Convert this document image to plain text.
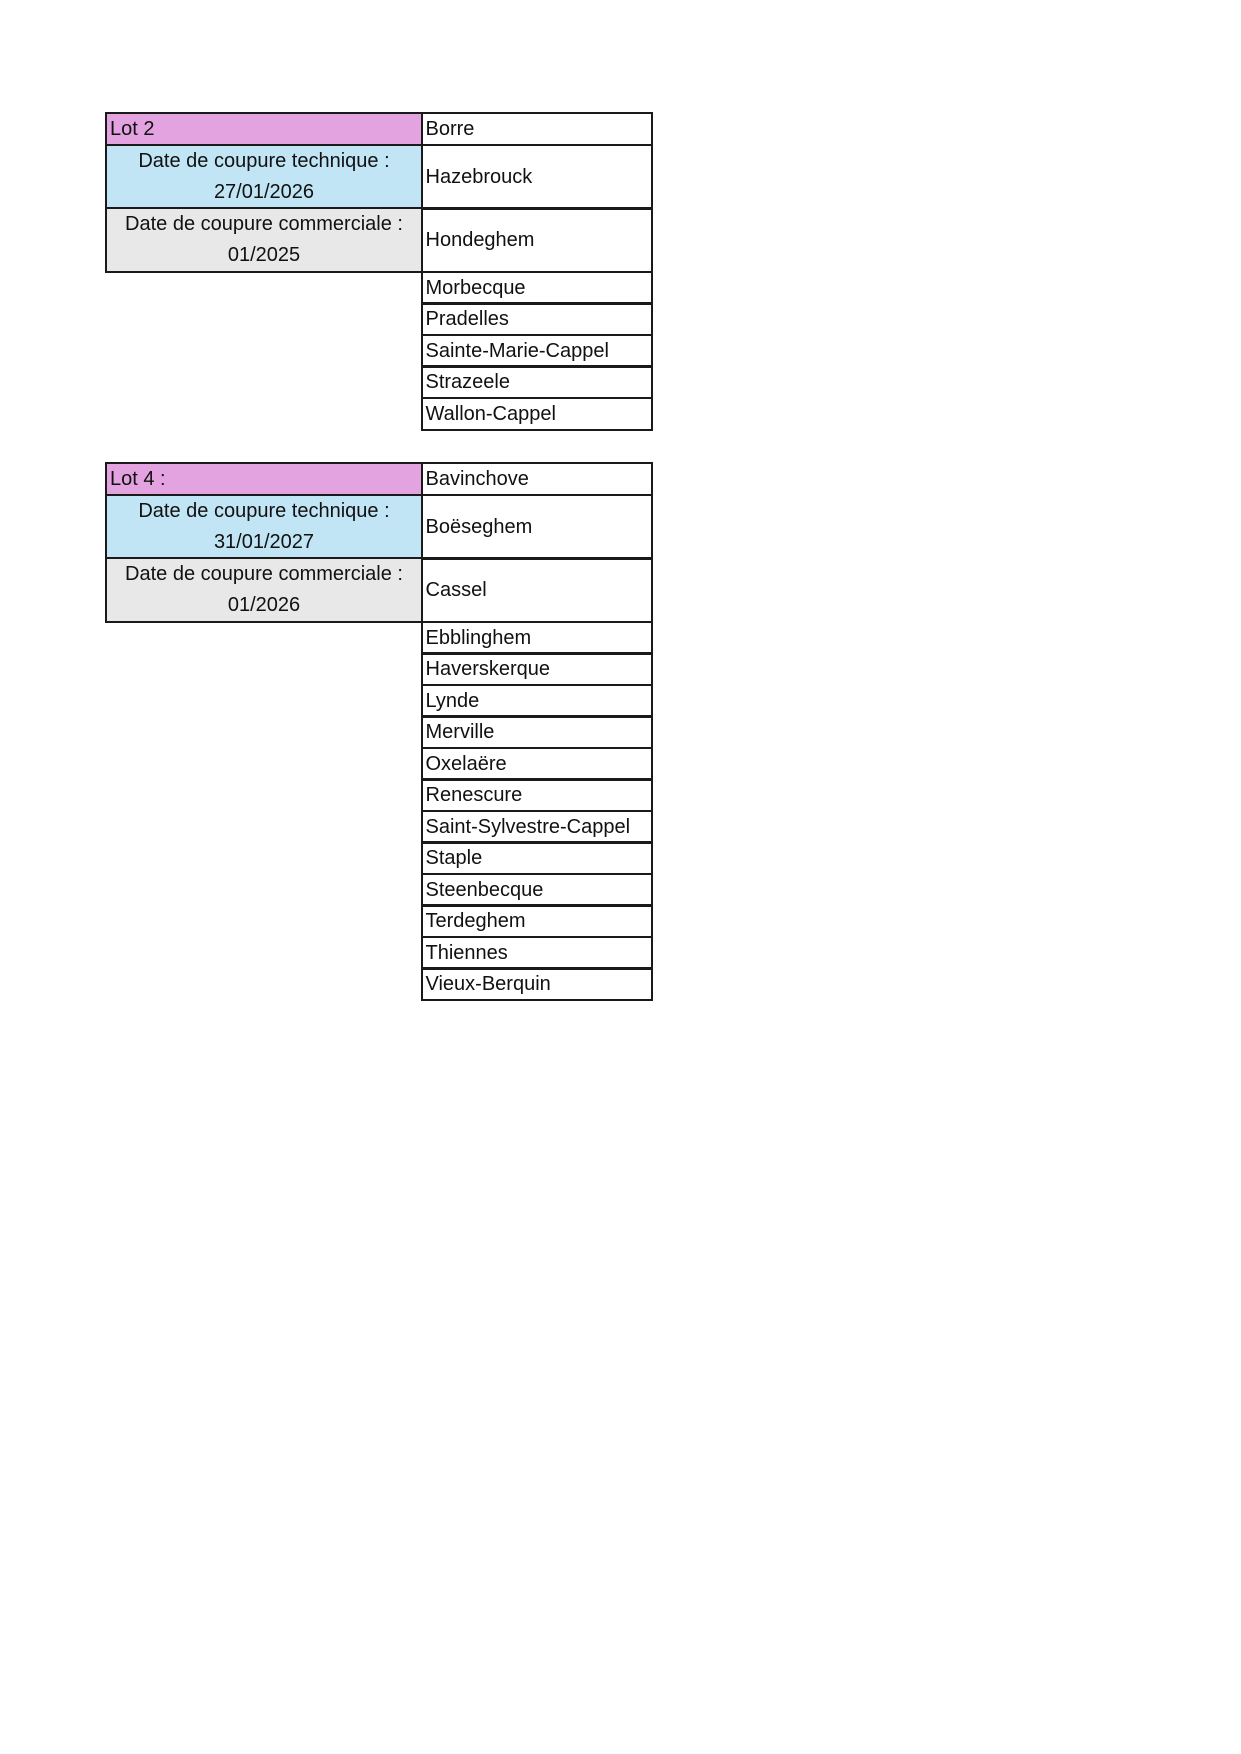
Lot 2
Date de coupure technique :
27/01/2026
Date de coupure commerciale :
01/2025
Borre
Hazebrouck
Hondeghem
Morbecque
Pradelles
Sainte-Marie-Cappel
Strazeele
Wallon-Cappel
Lot 4 :
Date de coupure technique :
31/01/2027
Date de coupure commerciale :
01/2026
Bavinchove
Boëseghem
Cassel
Ebblinghem
Haverskerque
Lynde
Merville
Oxelaëre
Renescure
Saint-Sylvestre-Cappel
Staple
Steenbecque
Terdeghem
Thiennes
Vieux-Berquin
